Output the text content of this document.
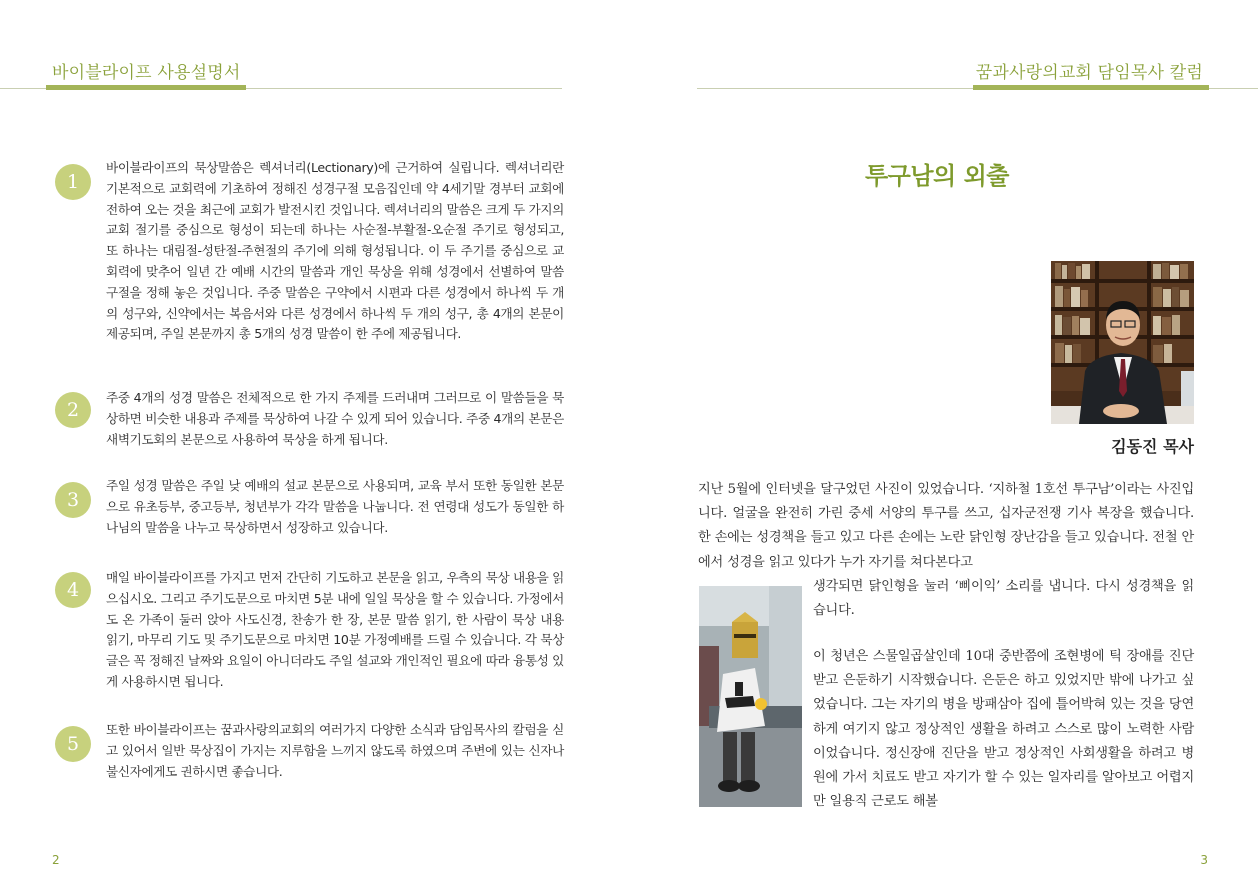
바이블라이프 사용설명서
1
바이블라이프의 묵상말씀은 렉셔너리(Lectionary)에 근거하여 실립니다. 렉셔너리란 기본적으로 교회력에 기초하여 정해진 성경구절 모음집인데 약 4세기말 경부터 교회에 전하여 오는 것을 최근에 교회가 발전시킨 것입니다. 렉셔너리의 말씀은 크게 두 가지의 교회 절기를 중심으로 형성이 되는데 하나는 사순절-부활절-오순절 주기로 형성되고, 또 하나는 대림절-성탄절-주현절의 주기에 의해 형성됩니다. 이 두 주기를 중심으로 교회력에 맞추어 일년 간 예배 시간의 말씀과 개인 묵상을 위해 성경에서 선별하여 말씀 구절을 정해 놓은 것입니다. 주중 말씀은 구약에서 시편과 다른 성경에서 하나씩 두 개의 성구와, 신약에서는 복음서와 다른 성경에서 하나씩 두 개의 성구, 총 4개의 본문이 제공되며, 주일 본문까지 총 5개의 성경 말씀이 한 주에 제공됩니다.
2
주중 4개의 성경 말씀은 전체적으로 한 가지 주제를 드러내며 그러므로 이 말씀들을 묵상하면 비슷한 내용과 주제를 묵상하여 나갈 수 있게 되어 있습니다. 주중 4개의 본문은 새벽기도회의 본문으로 사용하여 묵상을 하게 됩니다.
3
주일 성경 말씀은 주일 낮 예배의 설교 본문으로 사용되며, 교육 부서 또한 동일한 본문으로 유초등부, 중고등부, 청년부가 각각 말씀을 나눕니다. 전 연령대 성도가 동일한 하나님의 말씀을 나누고 묵상하면서 성장하고 있습니다.
4
매일 바이블라이프를 가지고 먼저 간단히 기도하고 본문을 읽고, 우측의 묵상 내용을 읽으십시오. 그리고 주기도문으로 마치면 5분 내에 일일 묵상을 할 수 있습니다. 가정에서도 온 가족이 둘러 앉아 사도신경, 찬송가 한 장, 본문 말씀 읽기, 한 사람이 묵상 내용 읽기, 마무리 기도 및 주기도문으로 마치면 10분 가정예배를 드릴 수 있습니다. 각 묵상글은 꼭 정해진 날짜와 요일이 아니더라도 주일 설교와 개인적인 필요에 따라 융통성 있게 사용하시면 됩니다.
5
또한 바이블라이프는 꿈과사랑의교회의 여러가지 다양한 소식과 담임목사의 칼럼을 싣고 있어서 일반 묵상집이 가지는 지루함을 느끼지 않도록 하였으며 주변에 있는 신자나 불신자에게도 권하시면 좋습니다.
2
꿈과사랑의교회 담임목사 칼럼
투구남의 외출
김동진 목사
지난 5월에 인터넷을 달구었던 사진이 있었습니다. ‘지하철 1호선 투구남’이라는 사진입니다. 얼굴을 완전히 가린 중세 서양의 투구를 쓰고, 십자군전쟁 기사 복장을 했습니다. 한 손에는 성경책을 들고 있고 다른 손에는 노란 닭인형 장난감을 들고 있습니다. 전철 안에서 성경을 읽고 있다가 누가 자기를 쳐다본다고
생각되면 닭인형을 눌러 ‘삐이익’ 소리를 냅니다. 다시 성경책을 읽습니다.
이 청년은 스물일곱살인데 10대 중반쯤에 조현병에 틱 장애를 진단받고 은둔하기 시작했습니다. 은둔은 하고 있었지만 밖에 나가고 싶었습니다. 그는 자기의 병을 방패삼아 집에 틀어박혀 있는 것을 당연하게 여기지 않고 정상적인 생활을 하려고 스스로 많이 노력한 사람이었습니다. 정신장애 진단을 받고 정상적인 사회생활을 하려고 병원에 가서 치료도 받고 자기가 할 수 있는 일자리를 알아보고 어렵지만 일용직 근로도 해볼
3
